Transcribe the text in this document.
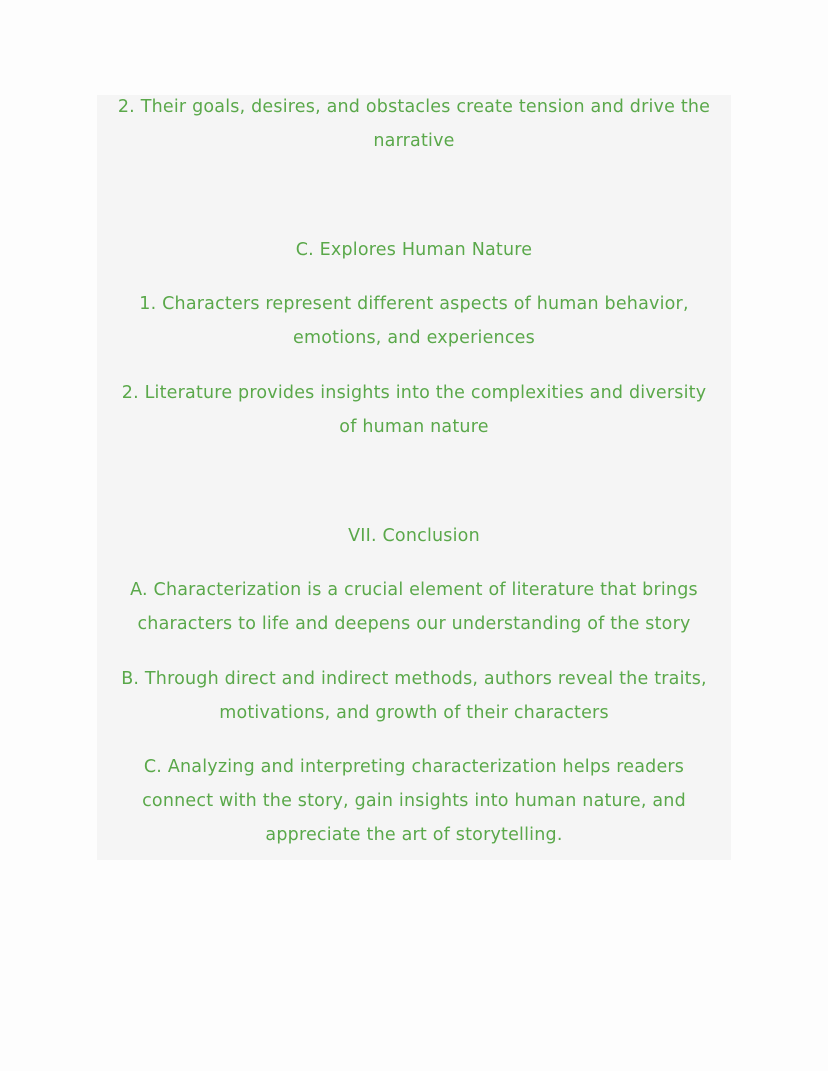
2. Their goals, desires, and obstacles create tension and drive the
narrative
C. Explores Human Nature
1. Characters represent different aspects of human behavior,
emotions, and experiences
2. Literature provides insights into the complexities and diversity
of human nature
VII. Conclusion
A. Characterization is a crucial element of literature that brings
characters to life and deepens our understanding of the story
B. Through direct and indirect methods, authors reveal the traits,
motivations, and growth of their characters
C. Analyzing and interpreting characterization helps readers
connect with the story, gain insights into human nature, and
appreciate the art of storytelling.
